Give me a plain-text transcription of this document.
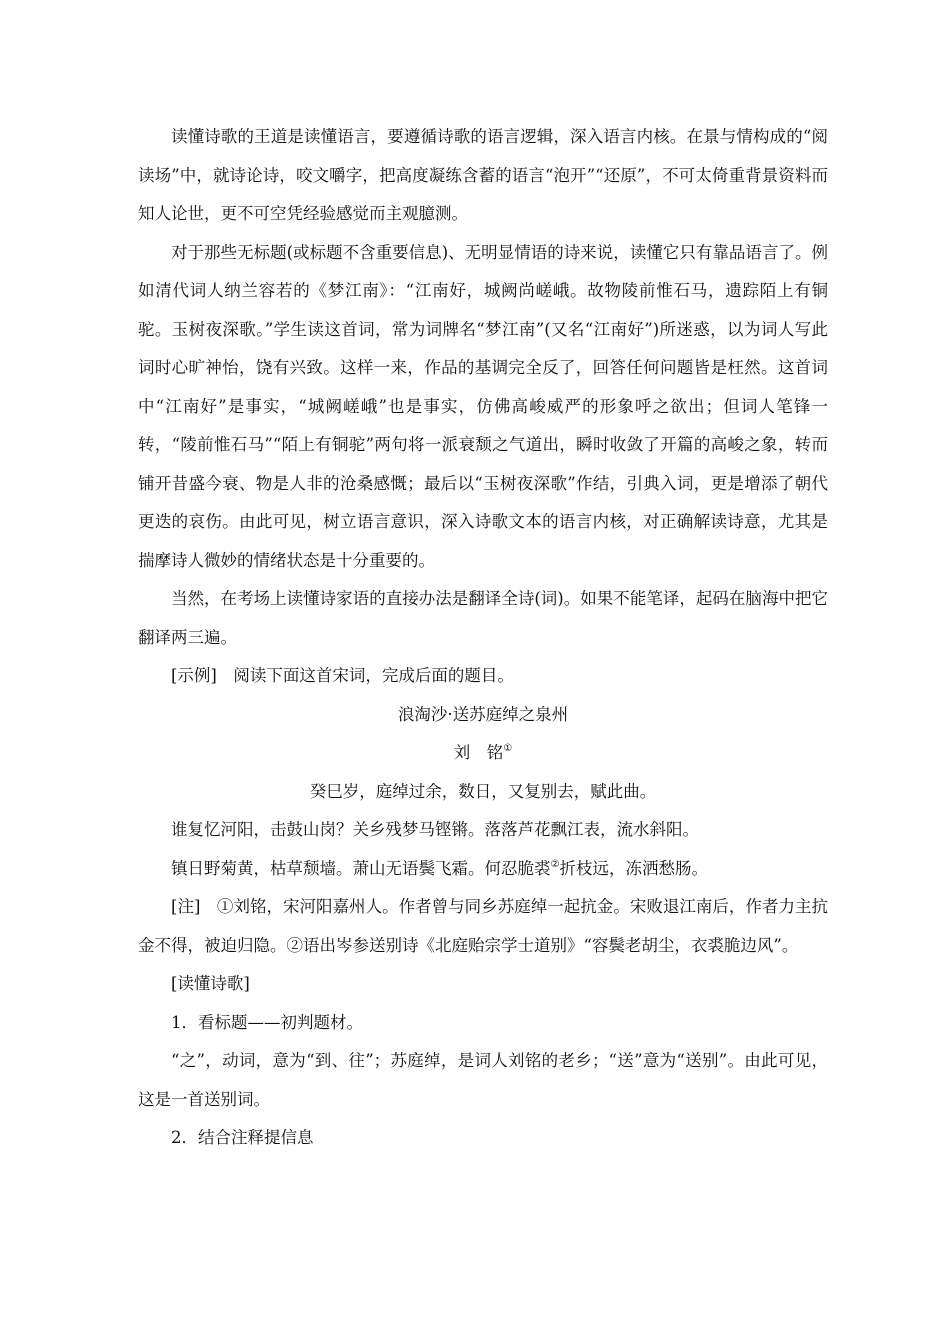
读懂诗歌的王道是读懂语言，要遵循诗歌的语言逻辑，深入语言内核。在景与情构成的“阅读场”中，就诗论诗，咬文嚼字，把高度凝练含蓄的语言“泡开”“还原”，不可太倚重背景资料而知人论世，更不可空凭经验感觉而主观臆测。

对于那些无标题(或标题不含重要信息)、无明显情语的诗来说，读懂它只有靠品语言了。例如清代词人纳兰容若的《梦江南》：“江南好，城阙尚嵯峨。故物陵前惟石马，遗踪陌上有铜驼。玉树夜深歌。”学生读这首词，常为词牌名“梦江南”(又名“江南好”)所迷惑，以为词人写此词时心旷神怡，饶有兴致。这样一来，作品的基调完全反了，回答任何问题皆是枉然。这首词中“江南好”是事实，“城阙嵯峨”也是事实，仿佛高峻威严的形象呼之欲出；但词人笔锋一转，“陵前惟石马”“陌上有铜驼”两句将一派衰颓之气道出，瞬时收敛了开篇的高峻之象，转而铺开昔盛今衰、物是人非的沧桑感慨；最后以“玉树夜深歌”作结，引典入词，更是增添了朝代更迭的哀伤。由此可见，树立语言意识，深入诗歌文本的语言内核，对正确解读诗意，尤其是揣摩诗人微妙的情绪状态是十分重要的。

当然，在考场上读懂诗家语的直接办法是翻译全诗(词)。如果不能笔译，起码在脑海中把它翻译两三遍。

[示例]　 阅读下面这首宋词，完成后面的题目。

浪淘沙·送苏庭绰之泉州

刘　铭①

癸巳岁，庭绰过余，数日，又复别去，赋此曲。

谁复忆河阳，击鼓山岗？关乡残梦马铿锵。落落芦花飘江表，流水斜阳。

镇日野菊黄，枯草颓墙。萧山无语鬓飞霜。何忍脆裘②折枝远，冻洒愁肠。

[注]　①刘铭，宋河阳嘉州人。作者曾与同乡苏庭绰一起抗金。宋败退江南后，作者力主抗金不得，被迫归隐。②语出岑参送别诗《北庭贻宗学士道别》“容鬓老胡尘，衣裘脆边风”。

[读懂诗歌]

1．看标题——初判题材。

“之”，动词，意为“到、往”；苏庭绰，是词人刘铭的老乡；“送”意为“送别”。由此可见，这是一首送别词。

2．结合注释提信息
